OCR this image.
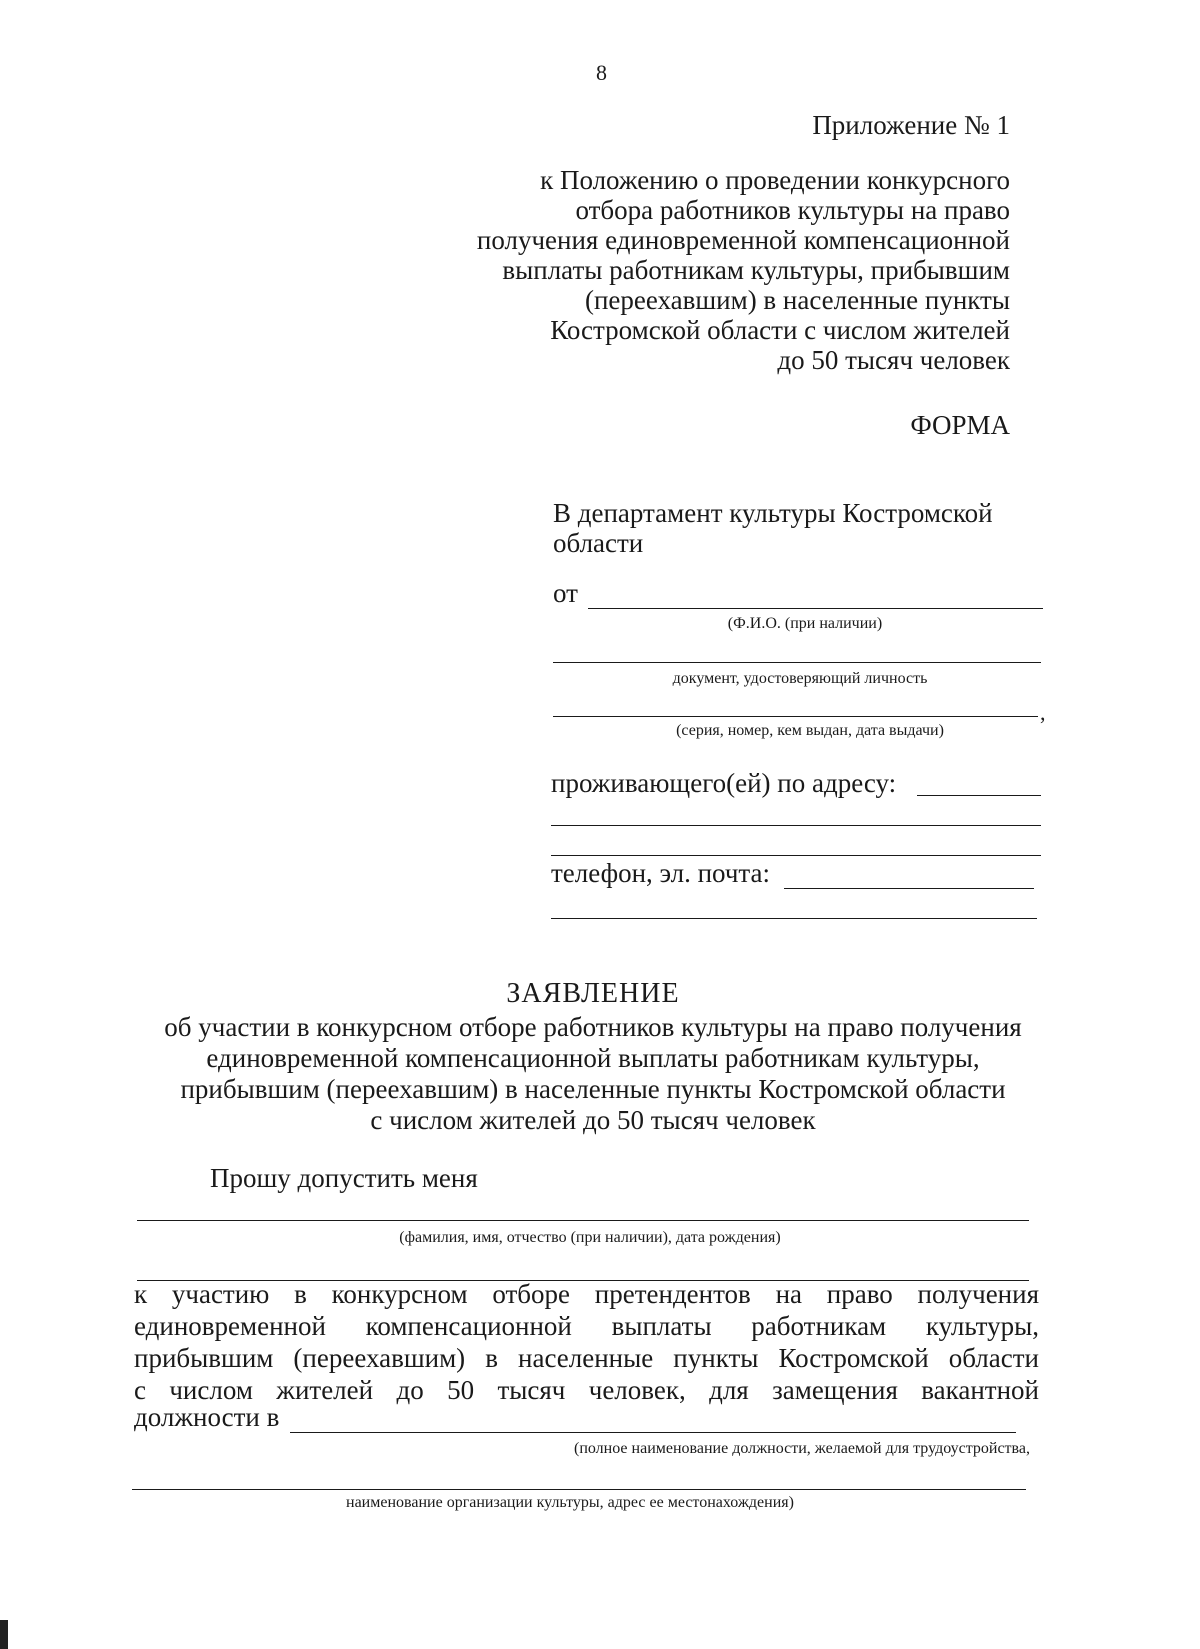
8
Приложение № 1
к Положению о проведении конкурсного
отбора работников культуры на право
получения единовременной компенсационной
выплаты работникам культуры, прибывшим
(переехавшим) в населенные пункты
Костромской области с числом жителей
до 50 тысяч человек
ФОРМА
В департамент культуры Костромской
области
от
(Ф.И.О. (при наличии)
документ, удостоверяющий личность
,
(серия, номер, кем выдан, дата выдачи)
проживающего(ей) по адресу:
телефон, эл. почта:
ЗАЯВЛЕНИЕ
об участии в конкурсном отборе работников культуры на право получения
единовременной компенсационной выплаты работникам культуры,
прибывшим (переехавшим) в населенные пункты Костромской области
с числом жителей до 50 тысяч человек
Прошу допустить меня
(фамилия, имя, отчество (при наличии), дата рождения)
к участию в конкурсном отборе претендентов на право получения
единовременной компенсационной выплаты работникам культуры,
прибывшим (переехавшим) в населенные пункты Костромской области
с числом жителей до 50 тысяч человек, для замещения вакантной
должности в
(полное наименование должности, желаемой для трудоустройства,
наименование организации культуры, адрес ее местонахождения)
